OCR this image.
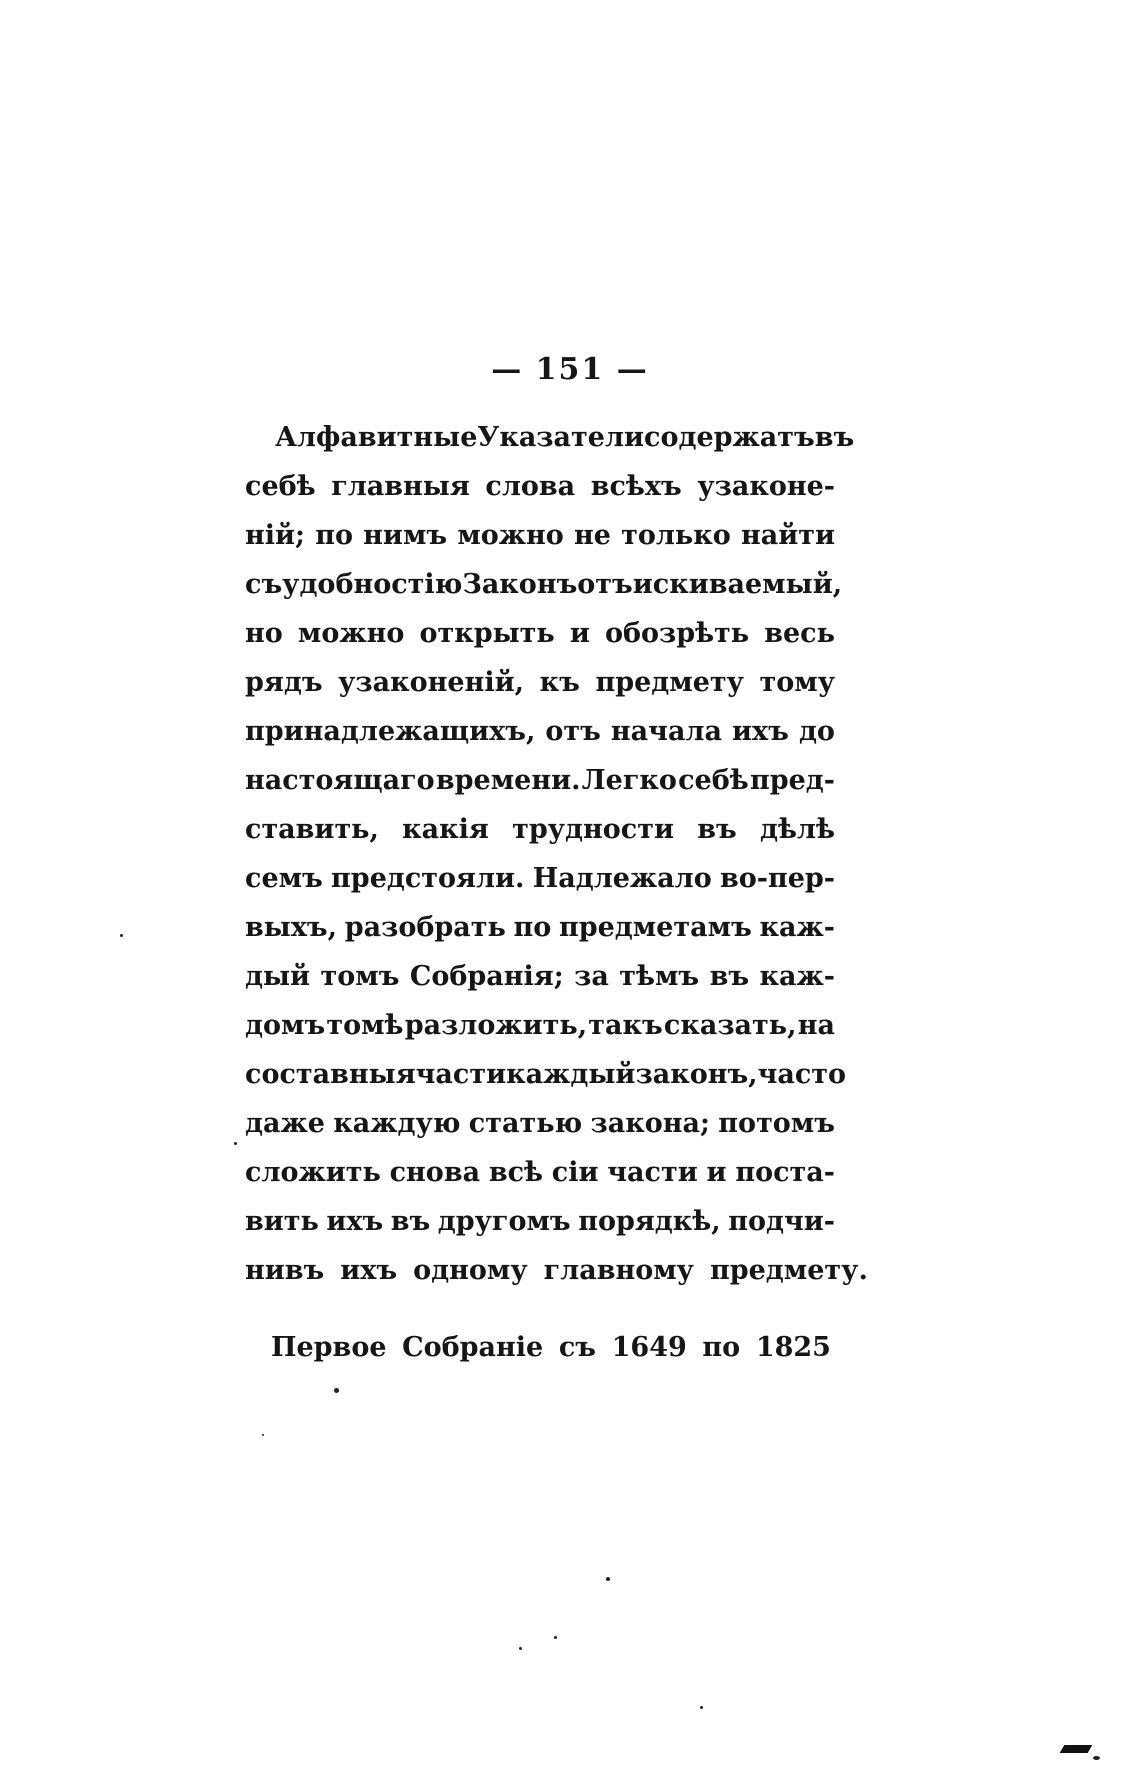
— 151 —
Алфавитные Указатели содержатъ въ
себѣ главныя слова всѣхъ узаконе-
ній; по нимъ можно не только найти
съ удобностію Законъ отъискиваемый,
но можно открыть и обозрѣть весь
рядъ узаконеній, къ предмету тому
принадлежащихъ, отъ начала ихъ до
настоящаго времени. Легко себѣ пред-
ставить, какія трудности въ дѣлѣ
семъ предстояли. Надлежало во-пер-
выхъ, разобрать по предметамъ каж-
дый томъ Собранія; за тѣмъ въ каж-
домъ томѣ разложить, такъ сказать, на
составныя части каждый законъ, часто
даже каждую статью закона; потомъ
сложить снова всѣ сіи части и поста-
вить ихъ въ другомъ порядкѣ, подчи-
нивъ ихъ одному главному предмету.
Первое Собраніе съ 1649 по 1825
